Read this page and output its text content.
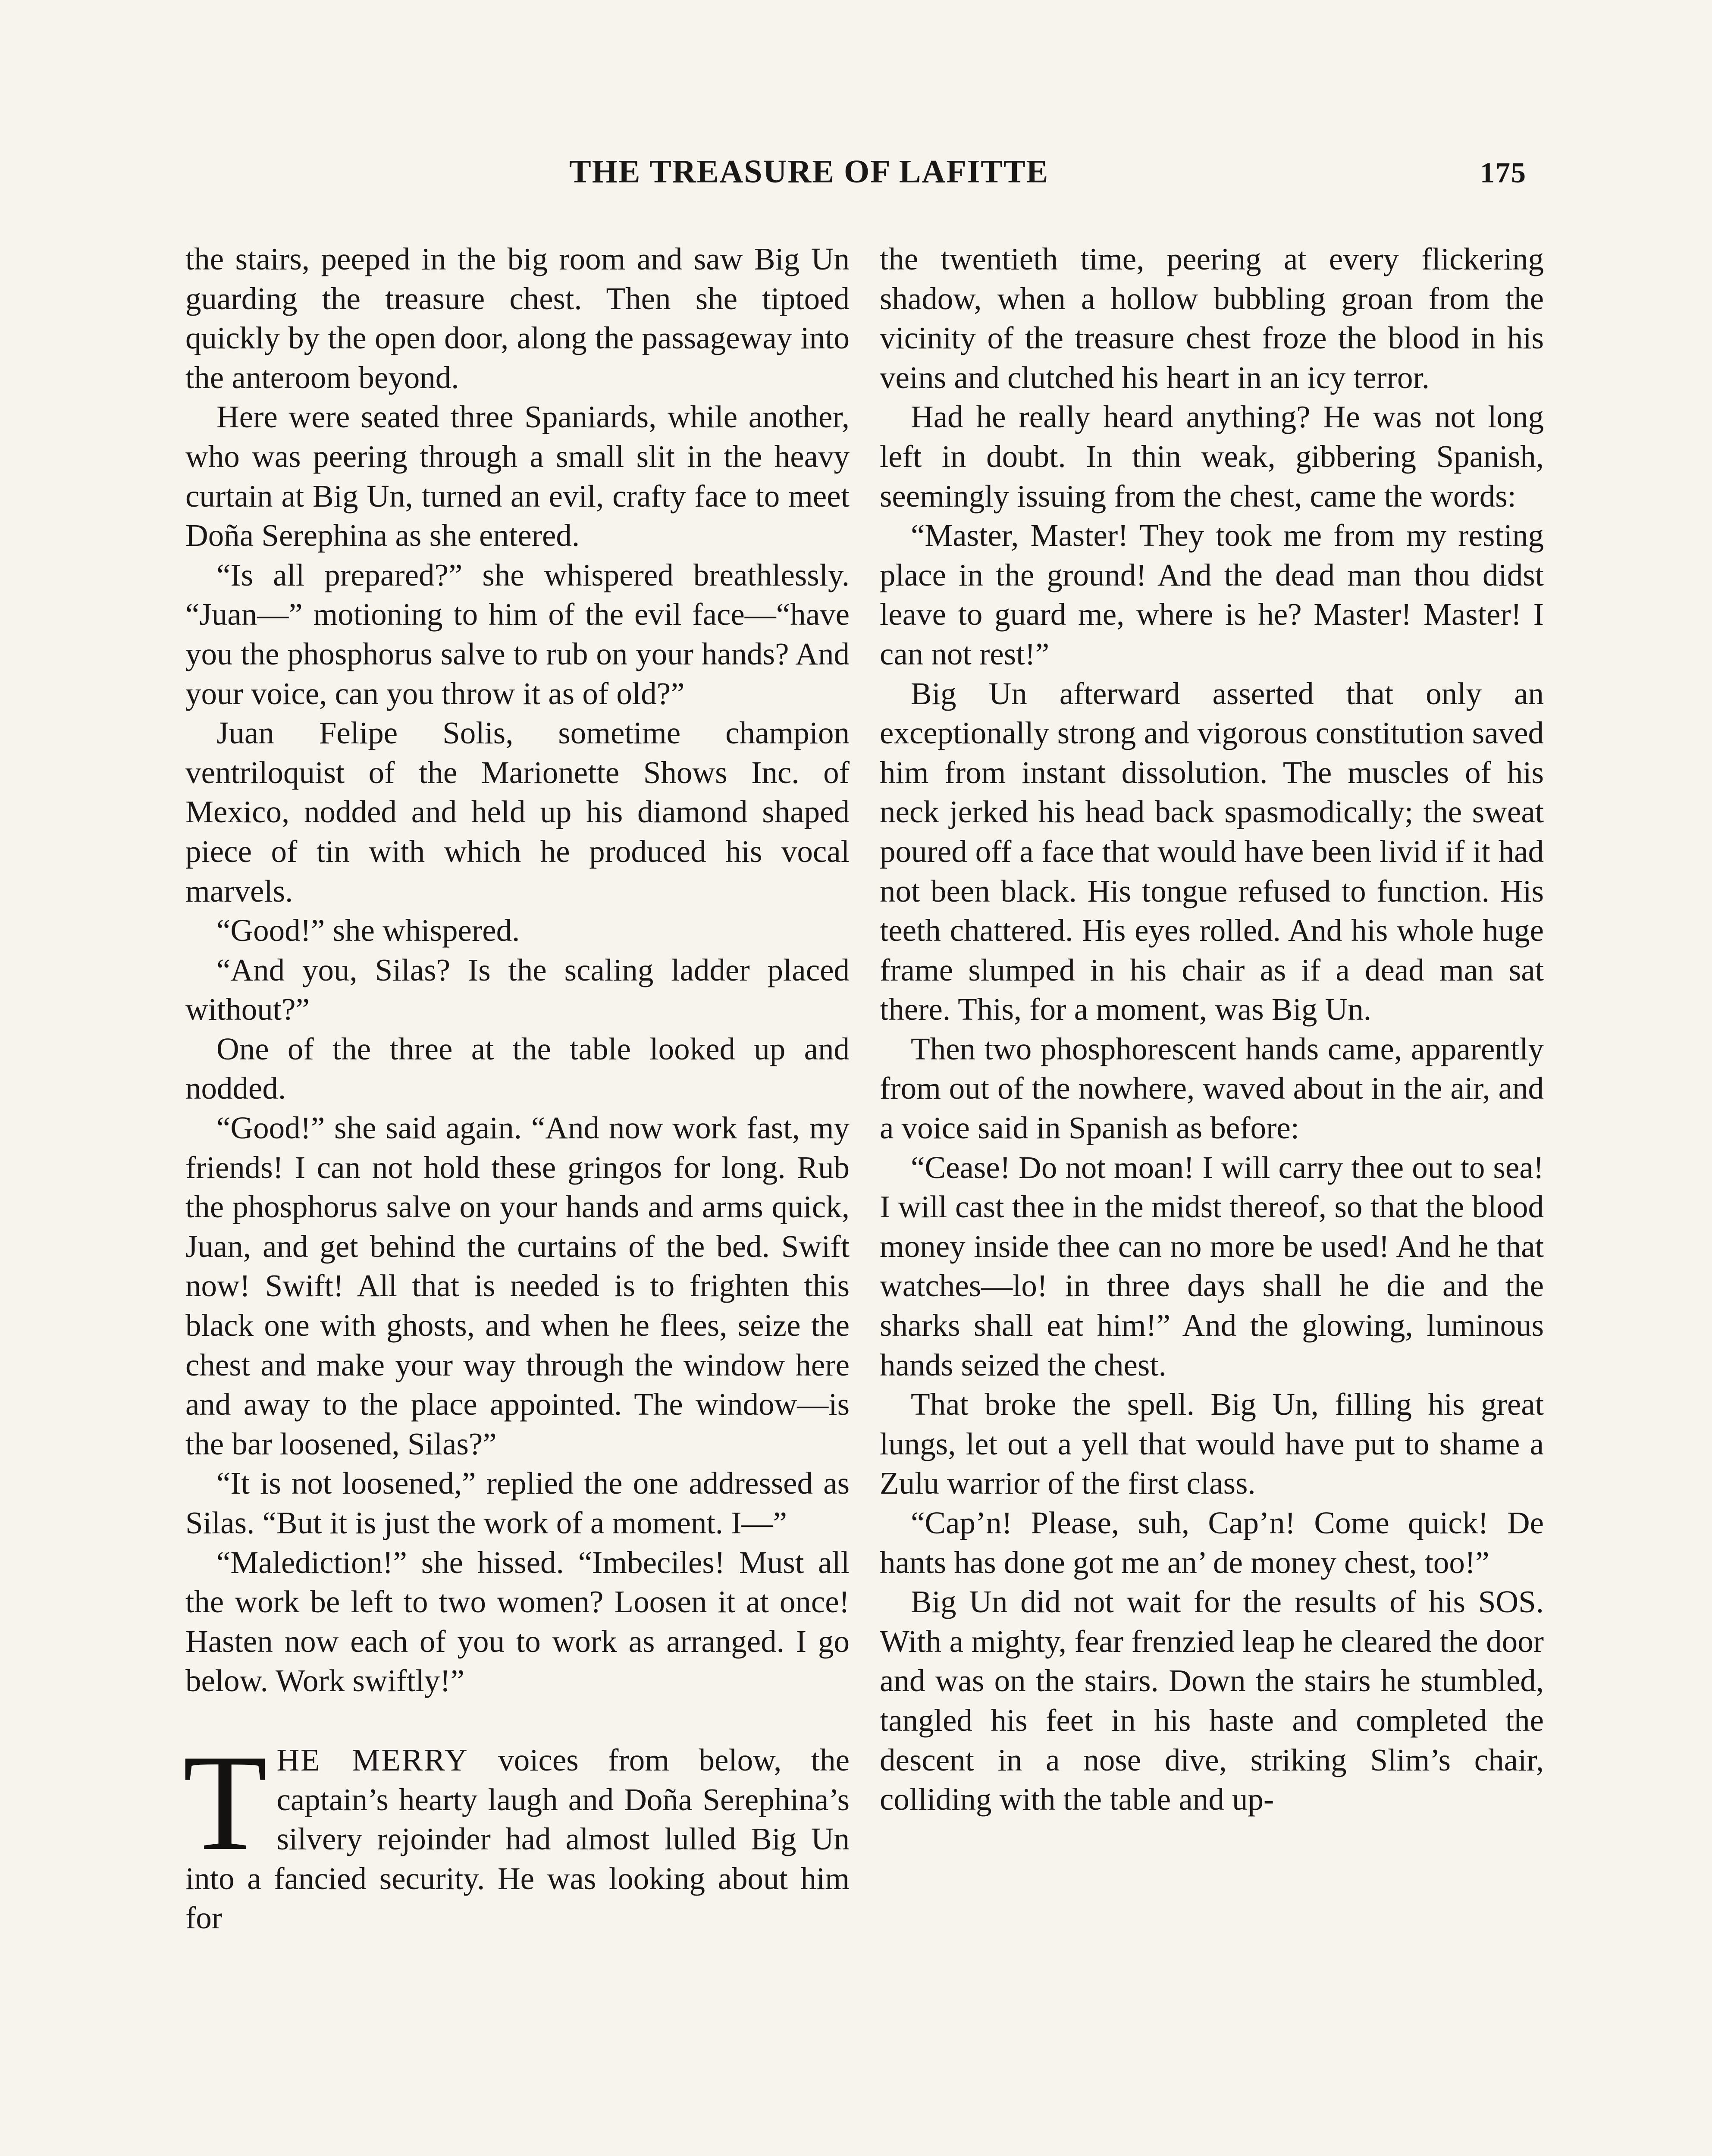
THE TREASURE OF LAFITTE	175

the stairs, peeped in the big room and saw Big Un guarding the treasure chest. Then she tiptoed quickly by the open door, along the passageway into the anteroom beyond.

Here were seated three Spaniards, while another, who was peering through a small slit in the heavy curtain at Big Un, turned an evil, crafty face to meet Doña Serephina as she entered.

“Is all prepared?” she whispered breathlessly. “Juan—” motioning to him of the evil face—“have you the phosphorus salve to rub on your hands? And your voice, can you throw it as of old?”

Juan Felipe Solis, sometime champion ventriloquist of the Marionette Shows Inc. of Mexico, nodded and held up his diamond shaped piece of tin with which he produced his vocal marvels.

“Good!” she whispered.

“And you, Silas? Is the scaling ladder placed without?”

One of the three at the table looked up and nodded.

“Good!” she said again. “And now work fast, my friends! I can not hold these gringos for long. Rub the phosphorus salve on your hands and arms quick, Juan, and get behind the curtains of the bed. Swift now! Swift! All that is needed is to frighten this black one with ghosts, and when he flees, seize the chest and make your way through the window here and away to the place appointed. The window—is the bar loosened, Silas?”

“It is not loosened,” replied the one addressed as Silas. “But it is just the work of a moment. I—”

“Malediction!” she hissed. “Imbeciles! Must all the work be left to two women? Loosen it at once! Hasten now each of you to work as arranged. I go below. Work swiftly!”

THE MERRY voices from below, the captain’s hearty laugh and Doña Serephina’s silvery rejoinder had almost lulled Big Un into a fancied security. He was looking about him for

the twentieth time, peering at every flickering shadow, when a hollow bubbling groan from the vicinity of the treasure chest froze the blood in his veins and clutched his heart in an icy terror.

Had he really heard anything? He was not long left in doubt. In thin weak, gibbering Spanish, seemingly issuing from the chest, came the words:

“Master, Master! They took me from my resting place in the ground! And the dead man thou didst leave to guard me, where is he? Master! Master! I can not rest!”

Big Un afterward asserted that only an exceptionally strong and vigorous constitution saved him from instant dissolution. The muscles of his neck jerked his head back spasmodically; the sweat poured off a face that would have been livid if it had not been black. His tongue refused to function. His teeth chattered. His eyes rolled. And his whole huge frame slumped in his chair as if a dead man sat there. This, for a moment, was Big Un.

Then two phosphorescent hands came, apparently from out of the nowhere, waved about in the air, and a voice said in Spanish as before:

“Cease! Do not moan! I will carry thee out to sea! I will cast thee in the midst thereof, so that the blood money inside thee can no more be used! And he that watches—lo! in three days shall he die and the sharks shall eat him!” And the glowing, luminous hands seized the chest.

That broke the spell. Big Un, filling his great lungs, let out a yell that would have put to shame a Zulu warrior of the first class.

“Cap’n! Please, suh, Cap’n! Come quick! De hants has done got me an’ de money chest, too!”

Big Un did not wait for the results of his SOS. With a mighty, fear frenzied leap he cleared the door and was on the stairs. Down the stairs he stumbled, tangled his feet in his haste and completed the descent in a nose dive, striking Slim’s chair, colliding with the table and up-
